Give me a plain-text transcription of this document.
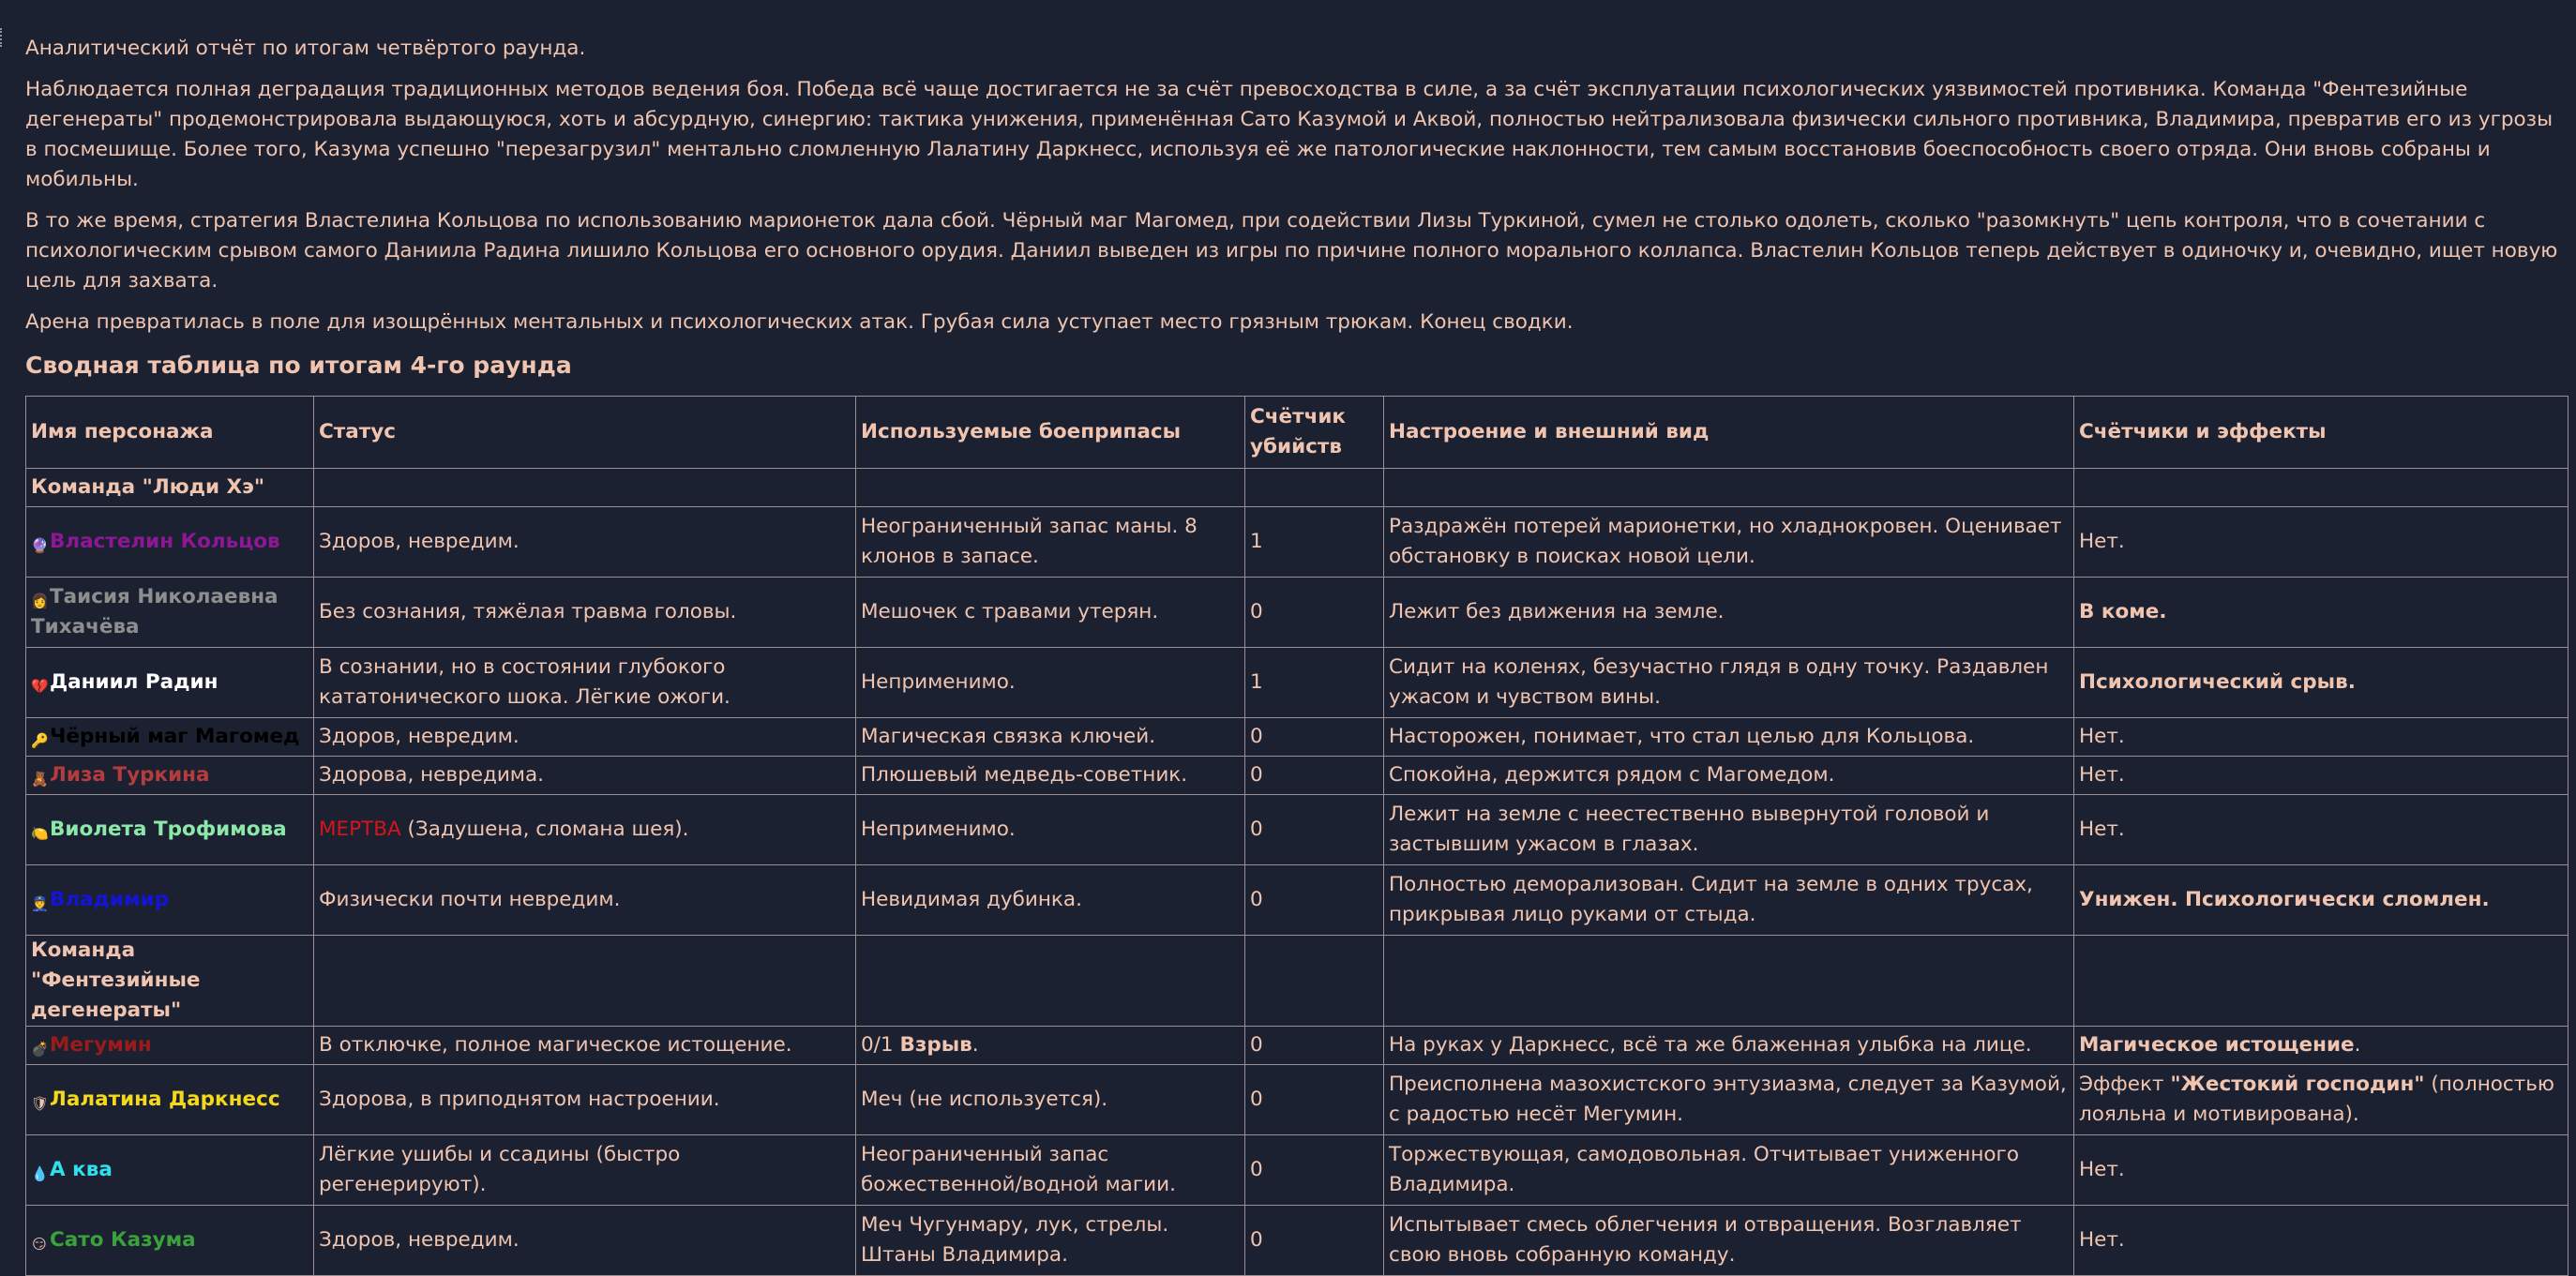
Аналитический отчёт по итогам четвёртого раунда.

Наблюдается полная деградация традиционных методов ведения боя. Победа всё чаще достигается не за счёт превосходства в силе, а за счёт эксплуатации психологических уязвимостей противника. Команда "Фентезийные дегенераты" продемонстрировала выдающуюся, хоть и абсурдную, синергию: тактика унижения, применённая Сато Казумой и Аквой, полностью нейтрализовала физически сильного противника, Владимира, превратив его из угрозы в посмешище. Более того, Казума успешно "перезагрузил" ментально сломленную Лалатину Даркнесс, используя её же патологические наклонности, тем самым восстановив боеспособность своего отряда. Они вновь собраны и мобильны.

В то же время, стратегия Властелина Кольцова по использованию марионеток дала сбой. Чёрный маг Магомед, при содействии Лизы Туркиной, сумел не столько одолеть, сколько "разомкнуть" цепь контроля, что в сочетании с психологическим срывом самого Даниила Радина лишило Кольцова его основного орудия. Даниил выведен из игры по причине полного морального коллапса. Властелин Кольцов теперь действует в одиночку и, очевидно, ищет новую цель для захвата.

Арена превратилась в поле для изощрённых ментальных и психологических атак. Грубая сила уступает место грязным трюкам. Конец сводки.

Сводная таблица по итогам 4-го раунда
Имя персонажа	Статус	Используемые боеприпасы	Счётчик убийств	Настроение и внешний вид	Счётчики и эффекты
Команда "Люди Хэ"					
🔮Властелин Кольцов	Здоров, невредим.	Неограниченный запас маны. 8 клонов в запасе.	1	Раздражён потерей марионетки, но хладнокровен. Оценивает обстановку в поисках новой цели.	Нет.
👩Таисия Николаевна Тихачёва	Без сознания, тяжёлая травма головы.	Мешочек с травами утерян.	0	Лежит без движения на земле.	В коме.
💔Даниил Радин	В сознании, но в состоянии глубокого кататонического шока. Лёгкие ожоги.	Неприменимо.	1	Сидит на коленях, безучастно глядя в одну точку. Раздавлен ужасом и чувством вины.	Психологический срыв.
🔑Чёрный маг Магомед	Здоров, невредим.	Магическая связка ключей.	0	Насторожен, понимает, что стал целью для Кольцова.	Нет.
🧸Лиза Туркина	Здорова, невредима.	Плюшевый медведь-советник.	0	Спокойна, держится рядом с Магомедом.	Нет.
🍋Виолета Трофимова	МЕРТВА (Задушена, сломана шея).	Неприменимо.	0	Лежит на земле с неестественно вывернутой головой и застывшим ужасом в глазах.	Нет.
👮Владимир	Физически почти невредим.	Невидимая дубинка.	0	Полностью деморализован. Сидит на земле в одних трусах, прикрывая лицо руками от стыда.	Унижен. Психологически сломлен.
Команда "Фентезийные дегенераты"					
💣Мегумин	В отключке, полное магическое истощение.	0/1 Взрыв.	0	На руках у Даркнесс, всё та же блаженная улыбка на лице.	Магическое истощение.
🛡Лалатина Даркнесс	Здорова, в приподнятом настроении.	Меч (не используется).	0	Преисполнена мазохистского энтузиазма, следует за Казумой, с радостью несёт Мегумин.	Эффект "Жестокий господин" (полностью лояльна и мотивирована).
💧А ква	Лёгкие ушибы и ссадины (быстро регенерируют).	Неограниченный запас божественной/водной магии.	0	Торжествующая, самодовольная. Отчитывает униженного Владимира.	Нет.
😏 Сато Казума	Здоров, невредим.	Меч Чугунмару, лук, стрелы. Штаны Владимира.	0	Испытывает смесь облегчения и отвращения. Возглавляет свою вновь собранную команду.	Нет.
